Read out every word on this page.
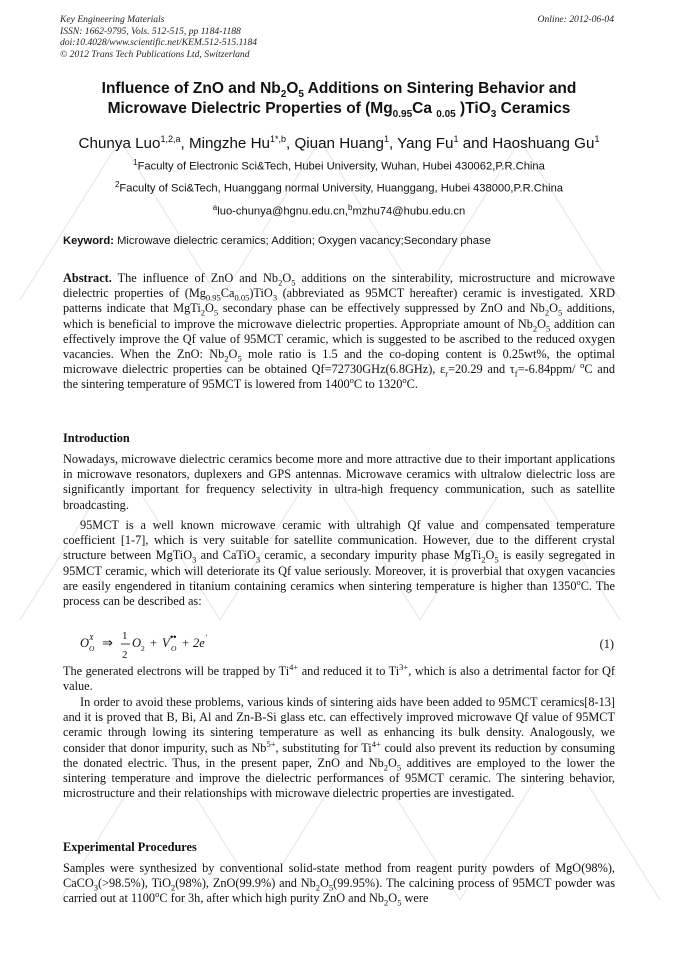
Key Engineering Materials
ISSN: 1662-9795, Vols. 512-515, pp 1184-1188
doi:10.4028/www.scientific.net/KEM.512-515.1184
© 2012 Trans Tech Publications Ltd, Switzerland
Online: 2012-06-04
Influence of ZnO and $Nb_2O_5$ Additions on Sintering Behavior and
Microwave Dielectric Properties of ($Mg_{0.95}Ca$ $_{0.05}$ )TiO$_3$ Ceramics
Chunya Luo$^{1,2,a}$, Mingzhe $Hu^{1*,b}$, Qiuan Huang$^1$, Yang Fu$^1$ and Haoshuang Gu$^1$
$^1$Faculty of Electronic Sci&Tech, Hubei University, Wuhan, Hubei 430062,P.R.China
$^2$Faculty of Sci&Tech, Huanggang normal University, Huanggang, Hubei 438000,P.R.China
$^a$luo-chunya@hgnu.edu.cn,$^b$mzhu74@hubu.edu.cn
Keyword: Microwave dielectric ceramics; Addition; Oxygen vacancy;Secondary phase
Abstract. The influence of ZnO and $Nb_2O_5$ additions on the sinterability, microstructure and microwave dielectric properties of $(Mg_{0.95}Ca_{0.05})TiO_3$ (abbreviated as 95MCT hereafter) ceramic is investigated. XRD patterns indicate that $MgTi_2O_5$ secondary phase can be effectively suppressed by ZnO and $Nb_2O_5$ additions, which is beneficial to improve the microwave dielectric properties. Appropriate amount of $Nb_2O_5$ addition can effectively improve the Qf value of 95MCT ceramic, which is suggested to be ascribed to the reduced oxygen vacancies. When the ZnO: $Nb_2O_5$ mole ratio is 1.5 and the co-doping content is 0.25wt%, the optimal microwave dielectric properties can be obtained Qf=72730GHz(6.8GHz), $\varepsilon_r=20.29$ and $\tau_f=-6.84ppm/$ $^o$C and the sintering temperature of 95MCT is lowered from 1400$^o$C to 1320$^o$C.
Introduction
Nowadays, microwave dielectric ceramics become more and more attractive due to their important applications in microwave resonators, duplexers and GPS antennas. Microwave ceramics with ultralow dielectric loss are significantly important for frequency selectivity in ultra-high frequency communication, such as satellite broadcasting.
95MCT is a well known microwave ceramic with ultrahigh Qf value and compensated temperature coefficient [1-7], which is very suitable for satellite communication. However, due to the different crystal structure between MgTiO$_3$ and CaTiO$_3$ ceramic, a secondary impurity phase $MgTi_2O_5$ is easily segregated in 95MCT ceramic, which will deteriorate its Qf value seriously. Moreover, it is proverbial that oxygen vacancies are easily engendered in titanium containing ceramics when sintering temperature is higher than 1350$^o$C. The process can be described as:
O X
O ⇒ 1
2
O 2 + V ••
O + 2e '	(1)
The generated electrons will be trapped by $Ti^{4+}$ and reduced it to $Ti^{3+}$, which is also a detrimental factor for Qf value.
In order to avoid these problems, various kinds of sintering aids have been added to 95MCT ceramics[8-13] and it is proved that B, Bi, Al and Zn-B-Si glass etc. can effectively improved microwave Qf value of 95MCT ceramic through lowing its sintering temperature as well as enhancing its bulk density. Analogously, we consider that donor impurity, such as $Nb^{5+}$, substituting for $Ti^{4+}$ could also prevent its reduction by consuming the donated electric. Thus, in the present paper, ZnO and $Nb_2O_5$ additives are employed to the lower the sintering temperature and improve the dielectric performances of 95MCT ceramic. The sintering behavior, microstructure and their relationships with microwave dielectric properties are investigated.
Experimental Procedures
Samples were synthesized by conventional solid-state method from reagent purity powders of MgO(98%), CaCO$_3$(>98.5%), TiO$_2$(98%), ZnO(99.9%) and $Nb_2O_5(99.95\%)$. The calcining process of 95MCT powder was carried out at 1100$^o$C for 3h, after which high purity ZnO and $Nb_2O_5$ were
